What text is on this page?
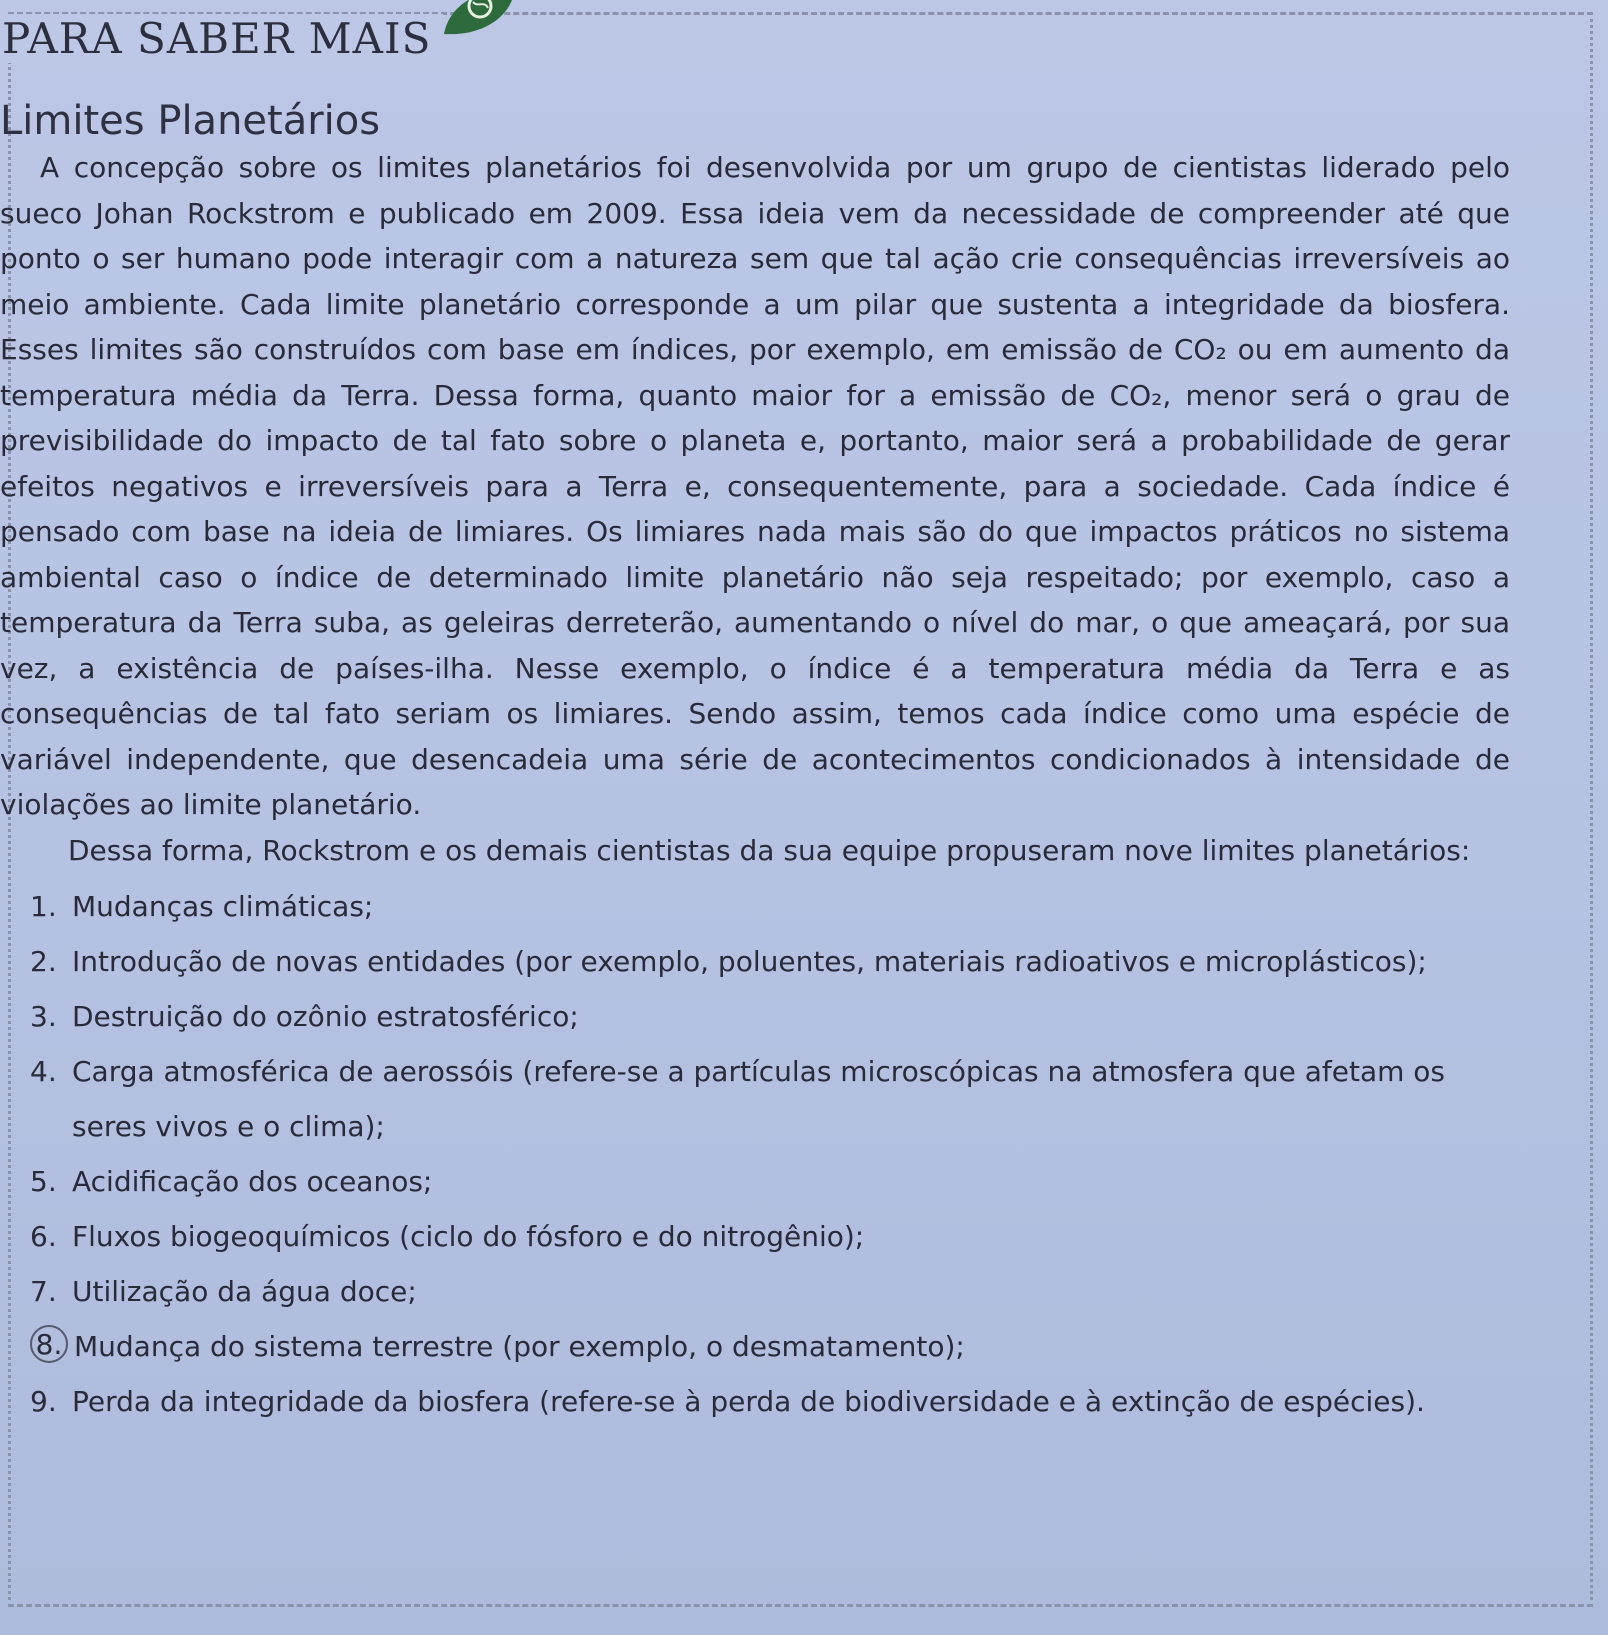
PARA SABER MAIS
Limites Planetários

A concepção sobre os limites planetários foi desenvolvida por um grupo de cientistas liderado pelo sueco Johan Rockstrom e publicado em 2009. Essa ideia vem da necessidade de compreender até que ponto o ser humano pode interagir com a natureza sem que tal ação crie consequências irreversíveis ao meio ambiente. Cada limite planetário corresponde a um pilar que sustenta a integridade da biosfera. Esses limites são construídos com base em índices, por exemplo, em emissão de CO₂ ou em aumento da temperatura média da Terra. Dessa forma, quanto maior for a emissão de CO₂, menor será o grau de previsibilidade do impacto de tal fato sobre o planeta e, portanto, maior será a probabilidade de gerar efeitos negativos e irreversíveis para a Terra e, consequentemente, para a sociedade. Cada índice é pensado com base na ideia de limiares. Os limiares nada mais são do que impactos práticos no sistema ambiental caso o índice de determinado limite planetário não seja respeitado; por exemplo, caso a temperatura da Terra suba, as geleiras derreterão, aumentando o nível do mar, o que ameaçará, por sua vez, a existência de países-ilha. Nesse exemplo, o índice é a temperatura média da Terra e as consequências de tal fato seriam os limiares. Sendo assim, temos cada índice como uma espécie de variável independente, que desencadeia uma série de acontecimentos condicionados à intensidade de violações ao limite planetário.

Dessa forma, Rockstrom e os demais cientistas da sua equipe propuseram nove limites planetários:

1. Mudanças climáticas;
2. Introdução de novas entidades (por exemplo, poluentes, materiais radioativos e microplásticos);
3. Destruição do ozônio estratosférico;
4. Carga atmosférica de aerossóis (refere-se a partículas microscópicas na atmosfera que afetam os seres vivos e o clima);
5. Acidificação dos oceanos;
6. Fluxos biogeoquímicos (ciclo do fósforo e do nitrogênio);
7. Utilização da água doce;
8. Mudança do sistema terrestre (por exemplo, o desmatamento);
9. Perda da integridade da biosfera (refere-se à perda de biodiversidade e à extinção de espécies).
